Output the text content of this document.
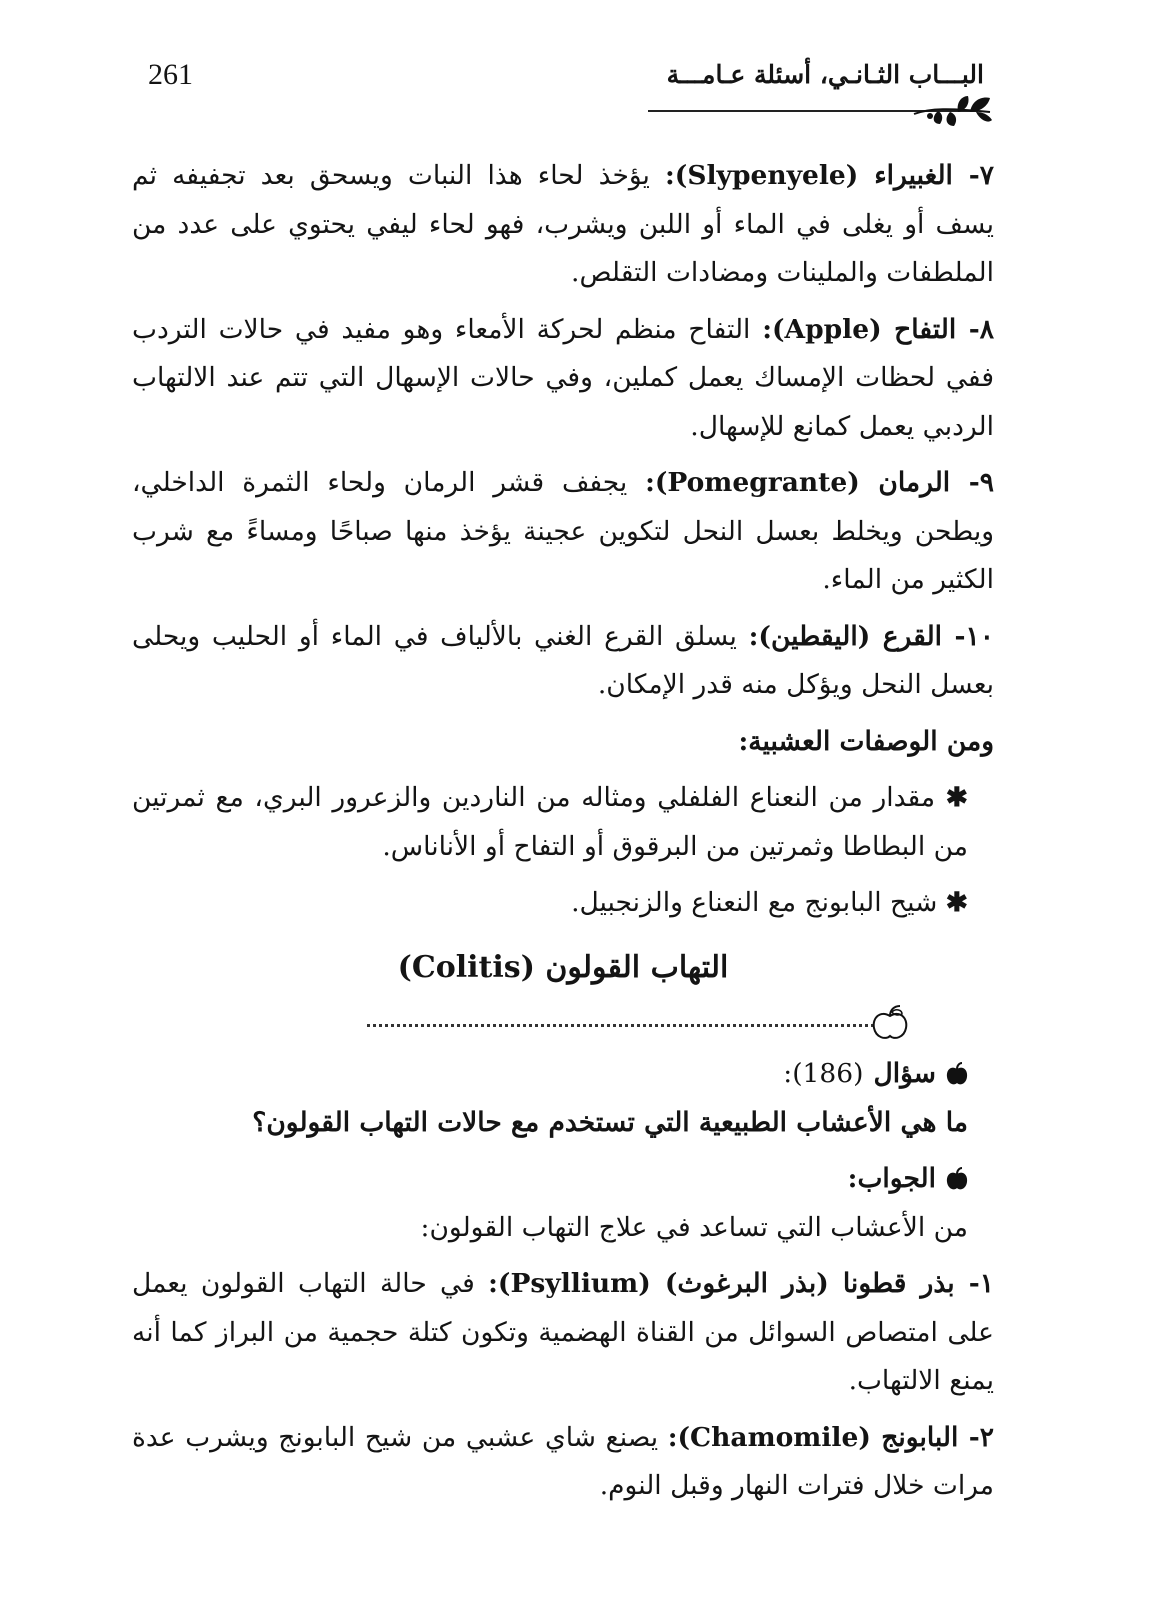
261	البـــاب الثـانـي، أسئلة عـامـــة

٧- الغبيراء (Slypenyele): يؤخذ لحاء هذا النبات ويسحق بعد تجفيفه ثم يسف أو يغلى في الماء أو اللبن ويشرب، فهو لحاء ليفي يحتوي على عدد من الملطفات والملينات ومضادات التقلص.

٨- التفاح (Apple): التفاح منظم لحركة الأمعاء وهو مفيد في حالات التردب ففي لحظات الإمساك يعمل كملين، وفي حالات الإسهال التي تتم عند الالتهاب الردبي يعمل كمانع للإسهال.

٩- الرمان (Pomegrante): يجفف قشر الرمان ولحاء الثمرة الداخلي، ويطحن ويخلط بعسل النحل لتكوين عجينة يؤخذ منها صباحًا ومساءً مع شرب الكثير من الماء.

١٠- القرع (اليقطين): يسلق القرع الغني بالألياف في الماء أو الحليب ويحلى بعسل النحل ويؤكل منه قدر الإمكان.

ومن الوصفات العشبية:

✱ مقدار من النعناع الفلفلي ومثاله من الناردين والزعرور البري، مع ثمرتين من البطاطا وثمرتين من البرقوق أو التفاح أو الأناناس.

✱ شيح البابونج مع النعناع والزنجبيل.

التهاب القولون (Colitis)
سؤال
(186):

ما هي الأعشاب الطبيعية التي تستخدم مع حالات التهاب القولون؟

الجواب:

من الأعشاب التي تساعد في علاج التهاب القولون:

١- بذر قطونا (بذر البرغوث) (Psyllium): في حالة التهاب القولون يعمل على امتصاص السوائل من القناة الهضمية وتكون كتلة حجمية من البراز كما أنه يمنع الالتهاب.

٢- البابونج (Chamomile): يصنع شاي عشبي من شيح البابونج ويشرب عدة مرات خلال فترات النهار وقبل النوم.
